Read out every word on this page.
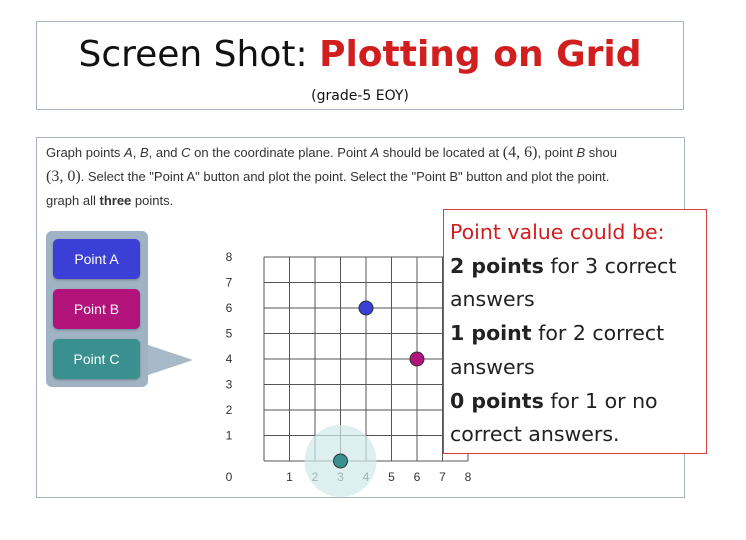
Screen Shot: Plotting on Grid
(grade-5 EOY)
Graph points A, B, and C on the coordinate plane. Point A should be located at (4, 6), point B shou
(3, 0). Select the "Point A" button and plot the point. Select the "Point B" button and plot the point.
graph all three points.
Point A
Point B
Point C
0	1	5 6 7 8
1
2
3
4
5
6
7
8
Point value could be:
2 points for 3 correct answers
1 point for 2 correct answers
0 points for 1 or no correct answers.
